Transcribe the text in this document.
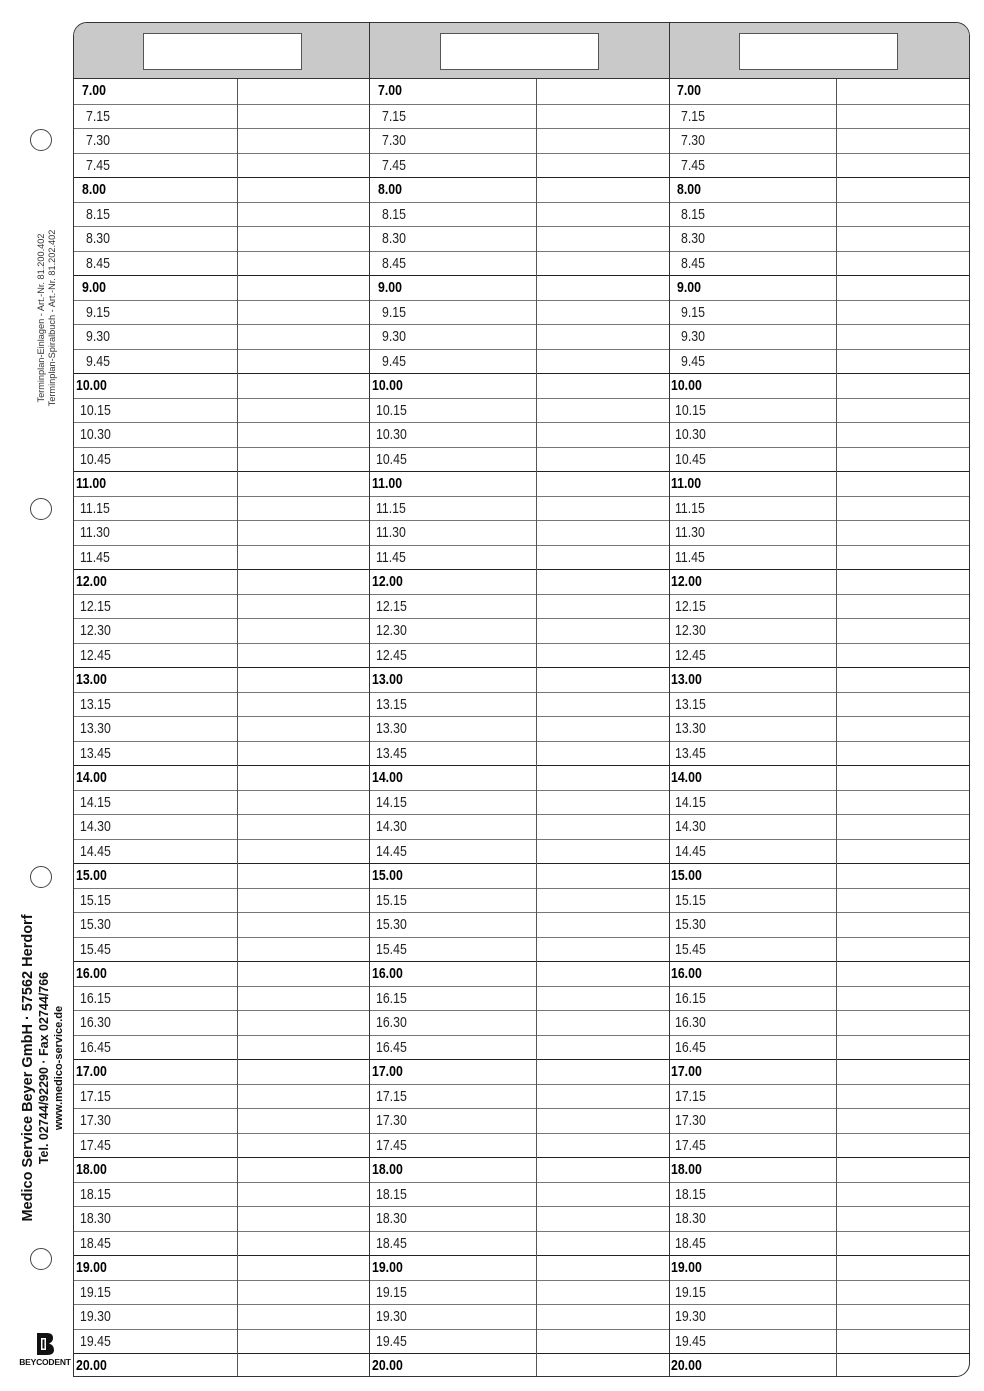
Terminplan-Einlagen - Art.-Nr. 81.200.402 Terminplan-Spiralbuch - Art.-Nr. 81.202.402
Medico Service Beyer GmbH · 57562 Herdorf Tel. 02744/92290 · Fax 02744/766 www.medico-service.de
BEYCODENT
7.00	7.00	7.00
7.15	7.15	7.15
7.30	7.30	7.30
7.45	7.45	7.45
8.00	8.00	8.00
8.15	8.15	8.15
8.30	8.30	8.30
8.45	8.45	8.45
9.00	9.00	9.00
9.15	9.15	9.15
9.30	9.30	9.30
9.45	9.45	9.45
10.00	10.00	10.00
10.15	10.15	10.15
10.30	10.30	10.30
10.45	10.45	10.45
11.00	11.00	11.00
11.15	11.15	11.15
11.30	11.30	11.30
11.45	11.45	11.45
12.00	12.00	12.00
12.15	12.15	12.15
12.30	12.30	12.30
12.45	12.45	12.45
13.00	13.00	13.00
13.15	13.15	13.15
13.30	13.30	13.30
13.45	13.45	13.45
14.00	14.00	14.00
14.15	14.15	14.15
14.30	14.30	14.30
14.45	14.45	14.45
15.00	15.00	15.00
15.15	15.15	15.15
15.30	15.30	15.30
15.45	15.45	15.45
16.00	16.00	16.00
16.15	16.15	16.15
16.30	16.30	16.30
16.45	16.45	16.45
17.00	17.00	17.00
17.15	17.15	17.15
17.30	17.30	17.30
17.45	17.45	17.45
18.00	18.00	18.00
18.15	18.15	18.15
18.30	18.30	18.30
18.45	18.45	18.45
19.00	19.00	19.00
19.15	19.15	19.15
19.30	19.30	19.30
19.45	19.45	19.45
20.00	20.00	20.00
